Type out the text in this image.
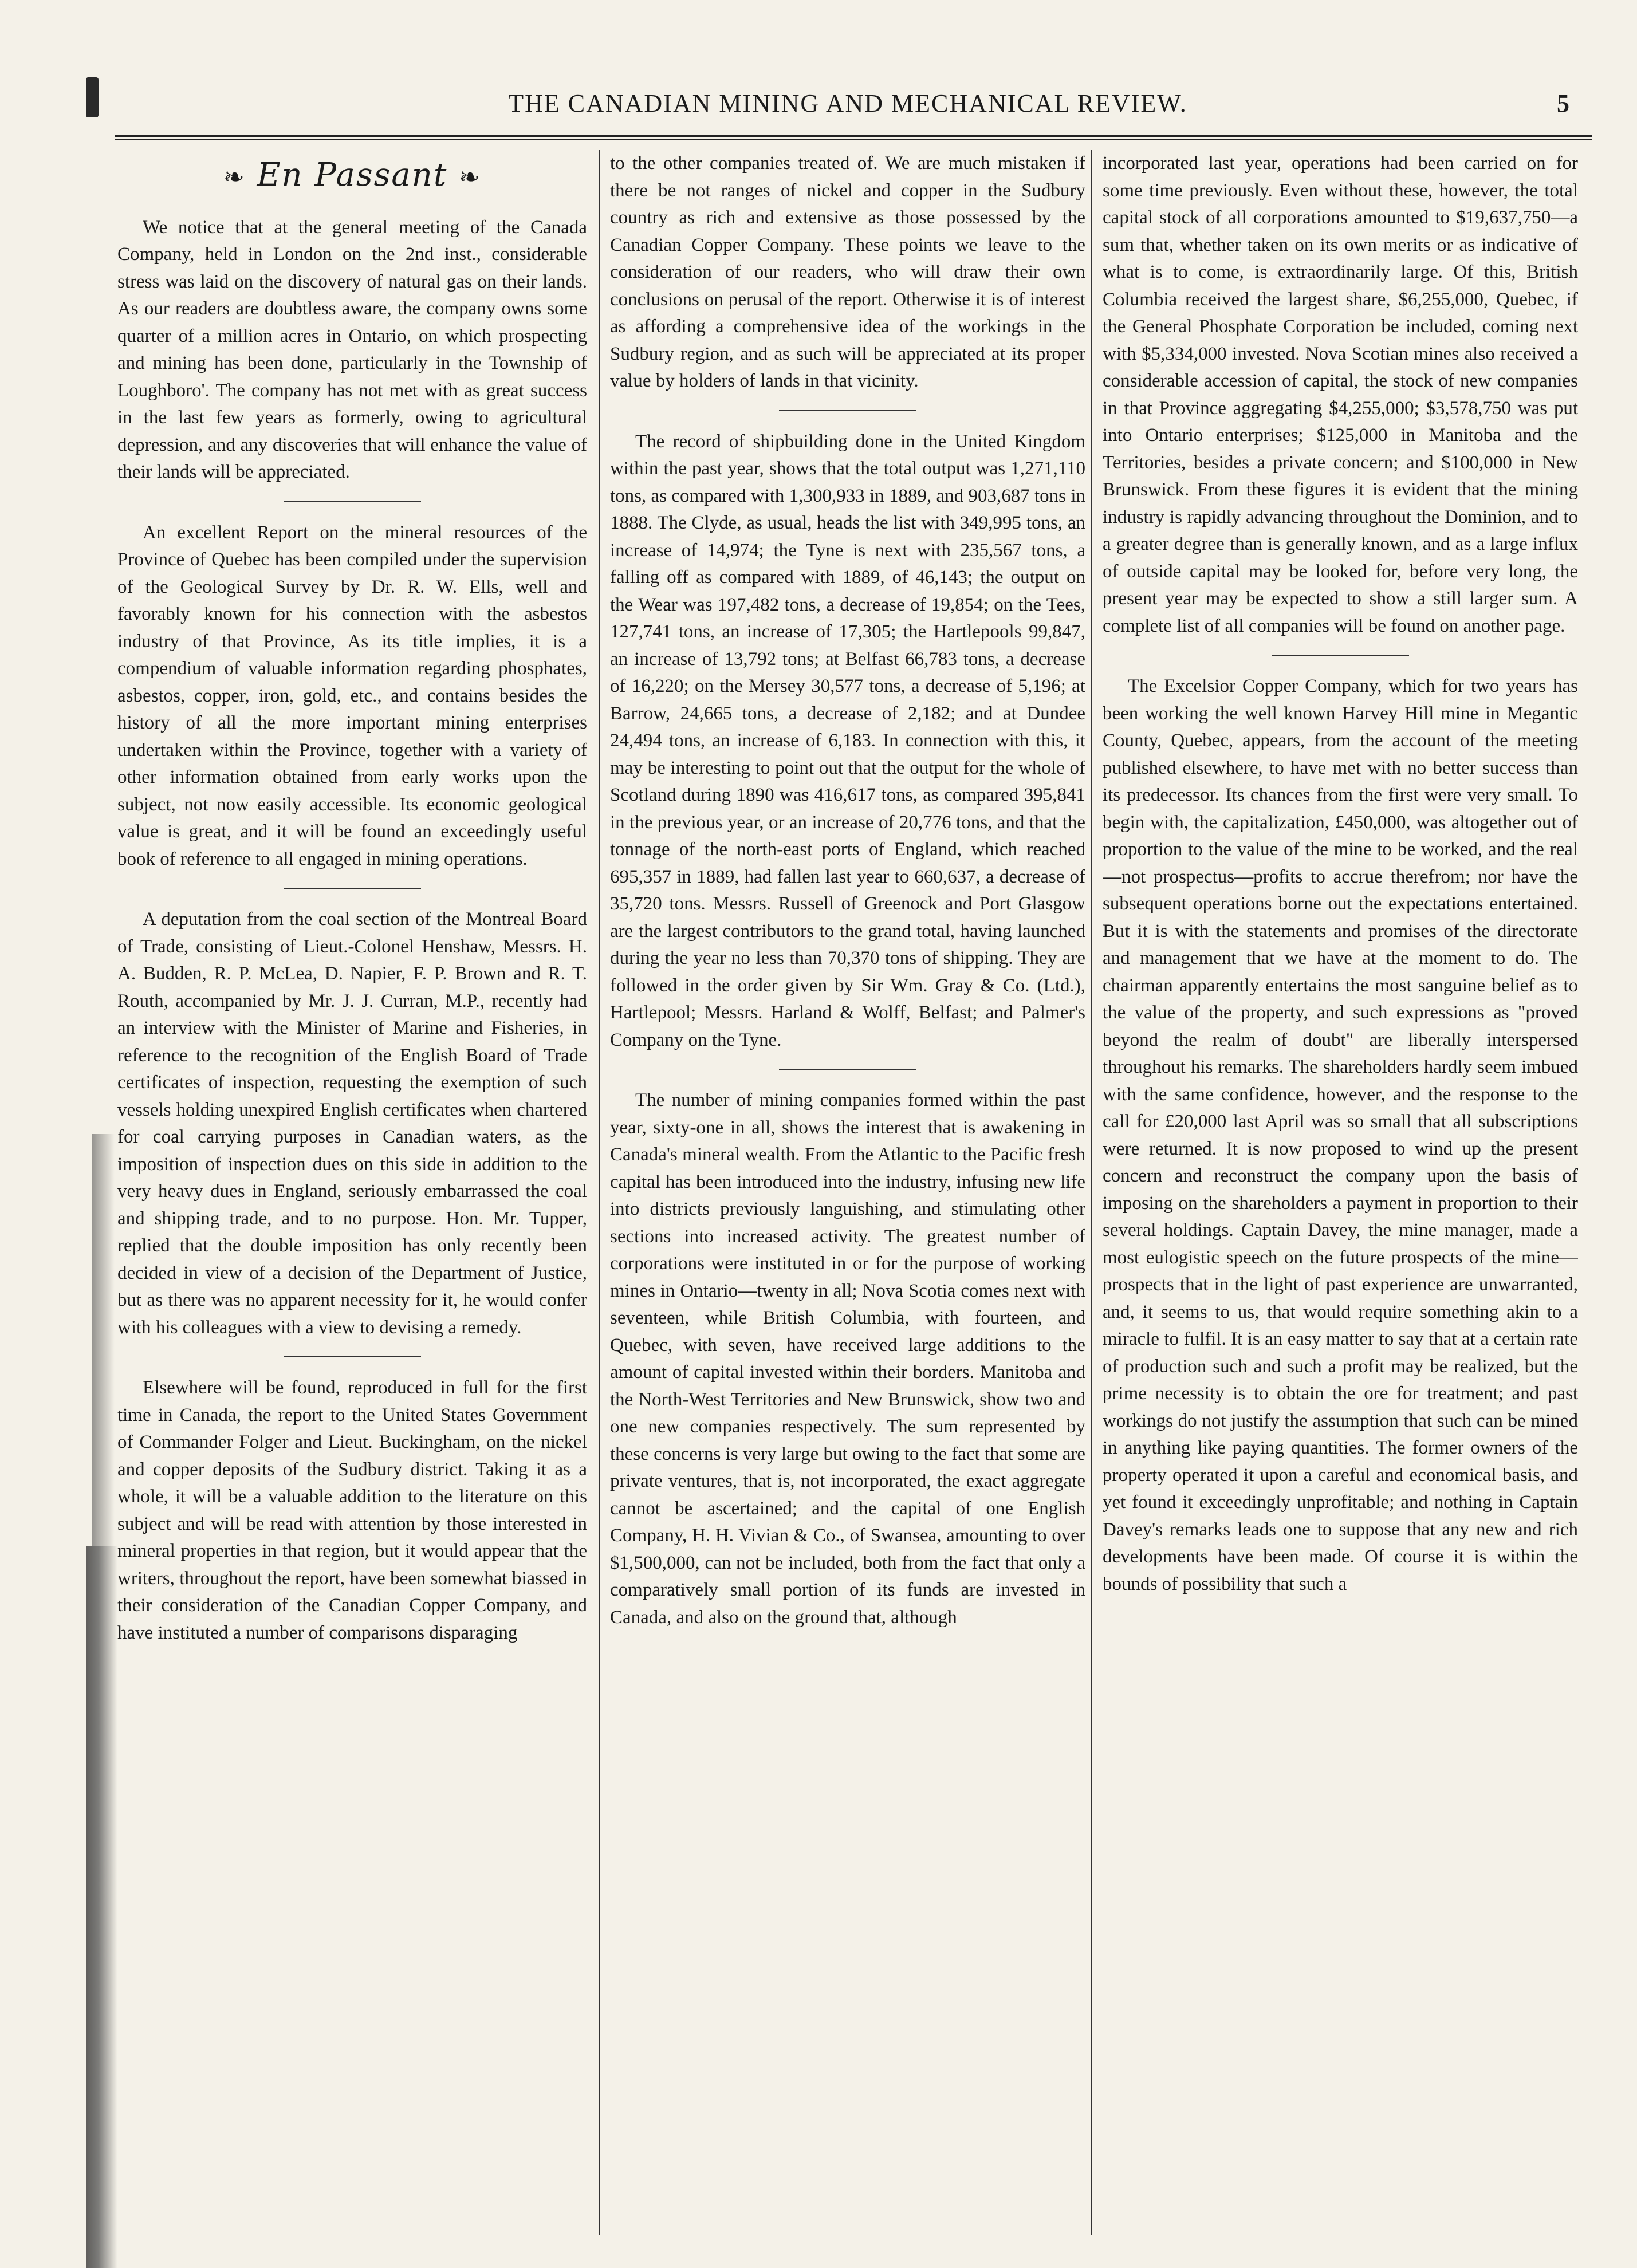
THE CANADIAN MINING AND MECHANICAL REVIEW.	5
❧ En Passant ❧

We notice that at the general meeting of the Canada Company, held in London on the 2nd inst., considerable stress was laid on the discovery of natural gas on their lands. As our readers are doubtless aware, the company owns some quarter of a million acres in Ontario, on which prospecting and mining has been done, particularly in the Township of Loughboro'. The company has not met with as great success in the last few years as formerly, owing to agricultural depression, and any discoveries that will enhance the value of their lands will be appreciated.

An excellent Report on the mineral resources of the Province of Quebec has been compiled under the supervision of the Geological Survey by Dr. R. W. Ells, well and favorably known for his connection with the asbestos industry of that Province, As its title implies, it is a compendium of valuable information regarding phosphates, asbestos, copper, iron, gold, etc., and contains besides the history of all the more important mining enterprises undertaken within the Province, together with a variety of other information obtained from early works upon the subject, not now easily accessible. Its economic geological value is great, and it will be found an exceedingly useful book of reference to all engaged in mining operations.

A deputation from the coal section of the Montreal Board of Trade, consisting of Lieut.-Colonel Henshaw, Messrs. H. A. Budden, R. P. McLea, D. Napier, F. P. Brown and R. T. Routh, accompanied by Mr. J. J. Curran, M.P., recently had an interview with the Minister of Marine and Fisheries, in reference to the recognition of the English Board of Trade certificates of inspection, requesting the exemption of such vessels holding unexpired English certificates when chartered for coal carrying purposes in Canadian waters, as the imposition of inspection dues on this side in addition to the very heavy dues in England, seriously embarrassed the coal and shipping trade, and to no purpose. Hon. Mr. Tupper, replied that the double imposition has only recently been decided in view of a decision of the Department of Justice, but as there was no apparent necessity for it, he would confer with his colleagues with a view to devising a remedy.

Elsewhere will be found, reproduced in full for the first time in Canada, the report to the United States Government of Commander Folger and Lieut. Buckingham, on the nickel and copper deposits of the Sudbury district. Taking it as a whole, it will be a valuable addition to the literature on this subject and will be read with attention by those interested in mineral properties in that region, but it would appear that the writers, throughout the report, have been somewhat biassed in their consideration of the Canadian Copper Company, and have instituted a number of comparisons disparaging

to the other companies treated of. We are much mistaken if there be not ranges of nickel and copper in the Sudbury country as rich and extensive as those possessed by the Canadian Copper Company. These points we leave to the consideration of our readers, who will draw their own conclusions on perusal of the report. Otherwise it is of interest as affording a comprehensive idea of the workings in the Sudbury region, and as such will be appreciated at its proper value by holders of lands in that vicinity.

The record of shipbuilding done in the United Kingdom within the past year, shows that the total output was 1,271,110 tons, as compared with 1,300,933 in 1889, and 903,687 tons in 1888. The Clyde, as usual, heads the list with 349,995 tons, an increase of 14,974; the Tyne is next with 235,567 tons, a falling off as compared with 1889, of 46,143; the output on the Wear was 197,482 tons, a decrease of 19,854; on the Tees, 127,741 tons, an increase of 17,305; the Hartlepools 99,847, an increase of 13,792 tons; at Belfast 66,783 tons, a decrease of 16,220; on the Mersey 30,577 tons, a decrease of 5,196; at Barrow, 24,665 tons, a decrease of 2,182; and at Dundee 24,494 tons, an increase of 6,183. In connection with this, it may be interesting to point out that the output for the whole of Scotland during 1890 was 416,617 tons, as compared 395,841 in the previous year, or an increase of 20,776 tons, and that the tonnage of the north-east ports of England, which reached 695,357 in 1889, had fallen last year to 660,637, a decrease of 35,720 tons. Messrs. Russell of Greenock and Port Glasgow are the largest contributors to the grand total, having launched during the year no less than 70,370 tons of shipping. They are followed in the order given by Sir Wm. Gray & Co. (Ltd.), Hartlepool; Messrs. Harland & Wolff, Belfast; and Palmer's Company on the Tyne.

The number of mining companies formed within the past year, sixty-one in all, shows the interest that is awakening in Canada's mineral wealth. From the Atlantic to the Pacific fresh capital has been introduced into the industry, infusing new life into districts previously languishing, and stimulating other sections into increased activity. The greatest number of corporations were instituted in or for the purpose of working mines in Ontario—twenty in all; Nova Scotia comes next with seventeen, while British Columbia, with fourteen, and Quebec, with seven, have received large additions to the amount of capital invested within their borders. Manitoba and the North-West Territories and New Brunswick, show two and one new companies respectively. The sum represented by these concerns is very large but owing to the fact that some are private ventures, that is, not incorporated, the exact aggregate cannot be ascertained; and the capital of one English Company, H. H. Vivian & Co., of Swansea, amounting to over $1,500,000, can not be included, both from the fact that only a comparatively small portion of its funds are invested in Canada, and also on the ground that, although

incorporated last year, operations had been carried on for some time previously. Even without these, however, the total capital stock of all corporations amounted to $19,637,750—a sum that, whether taken on its own merits or as indicative of what is to come, is extraordinarily large. Of this, British Columbia received the largest share, $6,255,000, Quebec, if the General Phosphate Corporation be included, coming next with $5,334,000 invested. Nova Scotian mines also received a considerable accession of capital, the stock of new companies in that Province aggregating $4,255,000; $3,578,750 was put into Ontario enterprises; $125,000 in Manitoba and the Territories, besides a private concern; and $100,000 in New Brunswick. From these figures it is evident that the mining industry is rapidly advancing throughout the Dominion, and to a greater degree than is generally known, and as a large influx of outside capital may be looked for, before very long, the present year may be expected to show a still larger sum. A complete list of all companies will be found on another page.

The Excelsior Copper Company, which for two years has been working the well known Harvey Hill mine in Megantic County, Quebec, appears, from the account of the meeting published elsewhere, to have met with no better success than its predecessor. Its chances from the first were very small. To begin with, the capitalization, £450,000, was altogether out of proportion to the value of the mine to be worked, and the real—not prospectus—profits to accrue therefrom; nor have the subsequent operations borne out the expectations entertained. But it is with the statements and promises of the directorate and management that we have at the moment to do. The chairman apparently entertains the most sanguine belief as to the value of the property, and such expressions as "proved beyond the realm of doubt" are liberally interspersed throughout his remarks. The shareholders hardly seem imbued with the same confidence, however, and the response to the call for £20,000 last April was so small that all subscriptions were returned. It is now proposed to wind up the present concern and reconstruct the company upon the basis of imposing on the shareholders a payment in proportion to their several holdings. Captain Davey, the mine manager, made a most eulogistic speech on the future prospects of the mine—prospects that in the light of past experience are unwarranted, and, it seems to us, that would require something akin to a miracle to fulfil. It is an easy matter to say that at a certain rate of production such and such a profit may be realized, but the prime necessity is to obtain the ore for treatment; and past workings do not justify the assumption that such can be mined in anything like paying quantities. The former owners of the property operated it upon a careful and economical basis, and yet found it exceedingly unprofitable; and nothing in Captain Davey's remarks leads one to suppose that any new and rich developments have been made. Of course it is within the bounds of possibility that such a
